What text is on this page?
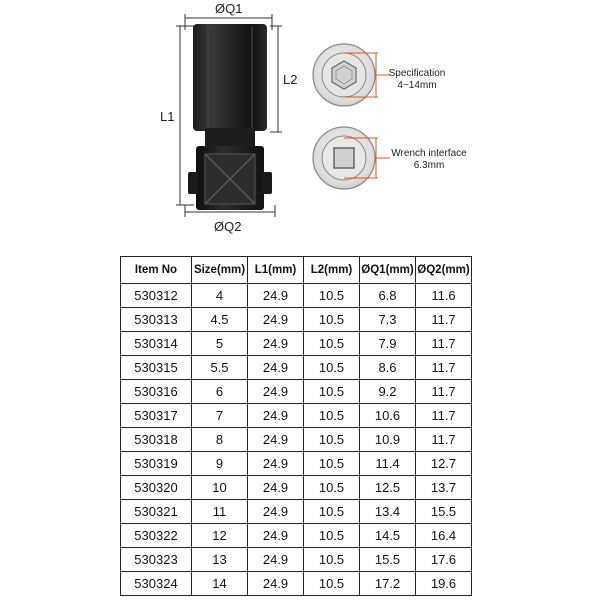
ØQ1
L1
L2
ØQ2
Specification
4~14mm
Wrench interface
6.3mm
Item No	Size(mm)	L1(mm)	L2(mm)	ØQ1(mm)	ØQ2(mm)
530312	4	24.9	10.5	6.8	11.6
530313	4.5	24.9	10.5	7.3	11.7
530314	5	24.9	10.5	7.9	11.7
530315	5.5	24.9	10.5	8.6	11.7
530316	6	24.9	10.5	9.2	11.7
530317	7	24.9	10.5	10.6	11.7
530318	8	24.9	10.5	10.9	11.7
530319	9	24.9	10.5	11.4	12.7
530320	10	24.9	10.5	12.5	13.7
530321	11	24.9	10.5	13.4	15.5
530322	12	24.9	10.5	14.5	16.4
530323	13	24.9	10.5	15.5	17.6
530324	14	24.9	10.5	17.2	19.6
